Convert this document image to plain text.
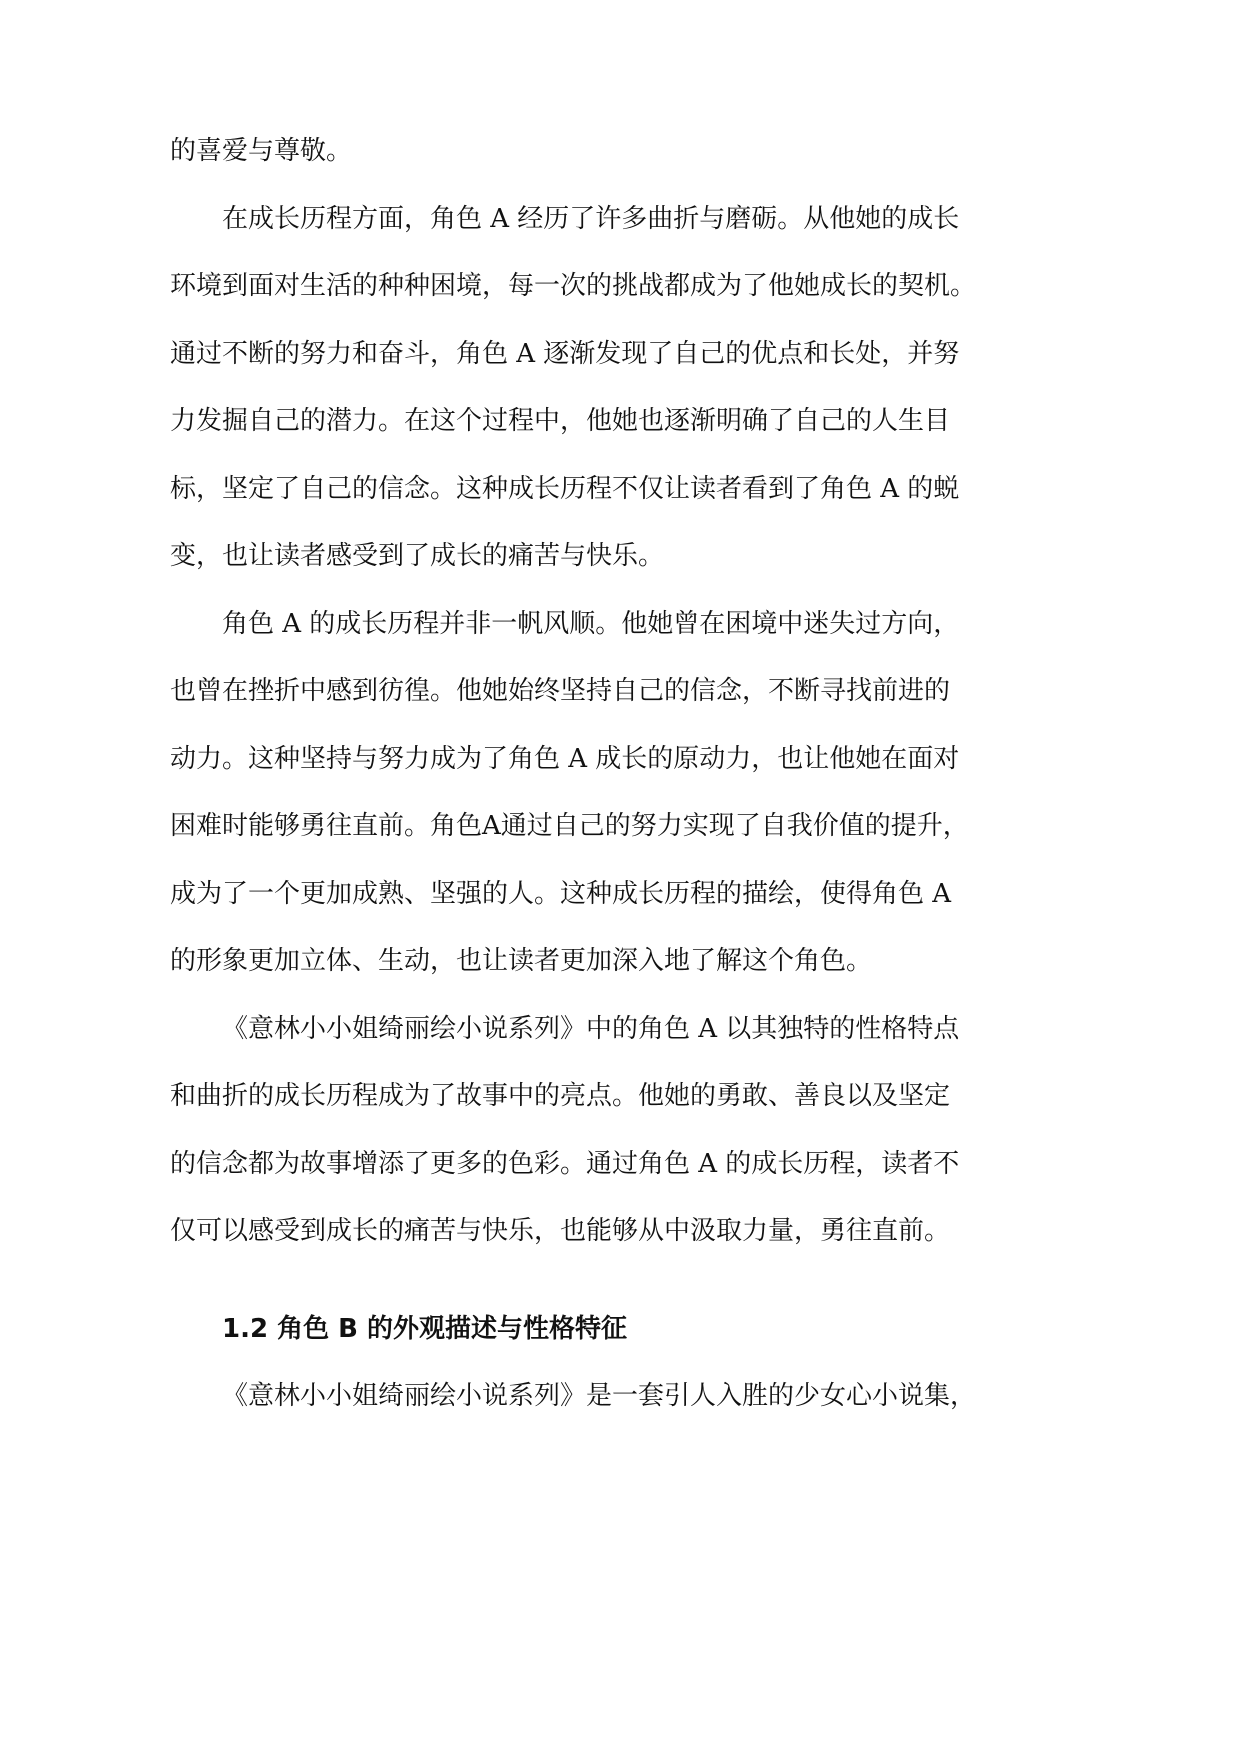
的喜爱与尊敬。
在成长历程方面，角色 A 经历了许多曲折与磨砺。从他她的成长
环境到面对生活的种种困境，每一次的挑战都成为了他她成长的契机。
通过不断的努力和奋斗，角色 A 逐渐发现了自己的优点和长处，并努
力发掘自己的潜力。在这个过程中，他她也逐渐明确了自己的人生目
标，坚定了自己的信念。这种成长历程不仅让读者看到了角色 A 的蜕
变，也让读者感受到了成长的痛苦与快乐。
角色 A 的成长历程并非一帆风顺。他她曾在困境中迷失过方向，
也曾在挫折中感到彷徨。他她始终坚持自己的信念，不断寻找前进的
动力。这种坚持与努力成为了角色 A 成长的原动力，也让他她在面对
困难时能够勇往直前。角色A通过自己的努力实现了自我价值的提升，
成为了一个更加成熟、坚强的人。这种成长历程的描绘，使得角色 A
的形象更加立体、生动，也让读者更加深入地了解这个角色。
《意林小小姐绮丽绘小说系列》中的角色 A 以其独特的性格特点
和曲折的成长历程成为了故事中的亮点。他她的勇敢、善良以及坚定
的信念都为故事增添了更多的色彩。通过角色 A 的成长历程，读者不
仅可以感受到成长的痛苦与快乐，也能够从中汲取力量，勇往直前。
1.2 角色 B 的外观描述与性格特征
《意林小小姐绮丽绘小说系列》是一套引人入胜的少女心小说集，
